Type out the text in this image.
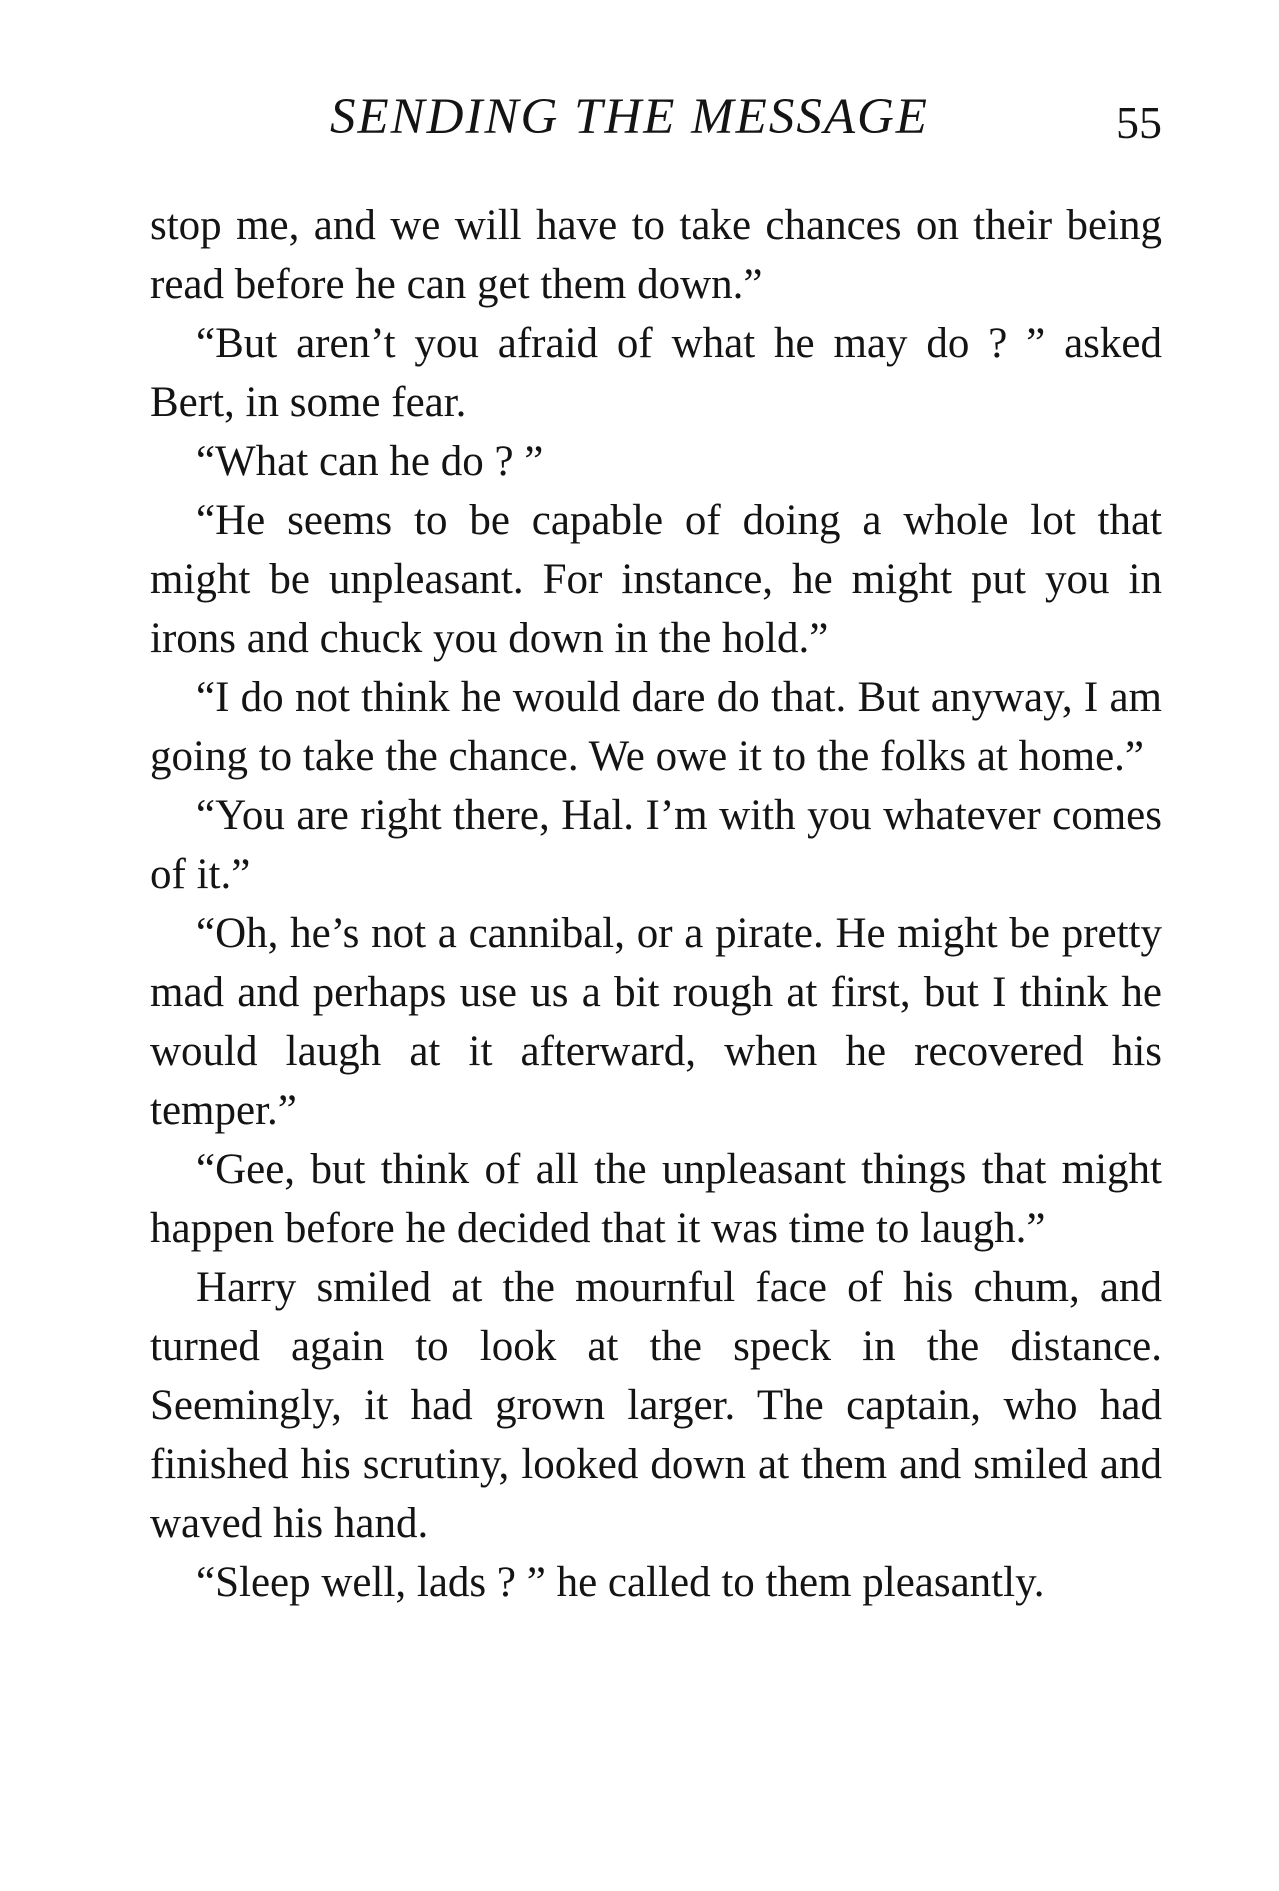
SENDING THE MESSAGE	55

stop me, and we will have to take chances on their being read before he can get them down.”

“But aren’t you afraid of what he may do ? ” asked Bert, in some fear.

“What can he do ? ”

“He seems to be capable of doing a whole lot that might be unpleasant. For instance, he might put you in irons and chuck you down in the hold.”

“I do not think he would dare do that. But anyway, I am going to take the chance. We owe it to the folks at home.”

“You are right there, Hal. I’m with you whatever comes of it.”

“Oh, he’s not a cannibal, or a pirate. He might be pretty mad and perhaps use us a bit rough at first, but I think he would laugh at it afterward, when he recovered his temper.”

“Gee, but think of all the unpleasant things that might happen before he decided that it was time to laugh.”

Harry smiled at the mournful face of his chum, and turned again to look at the speck in the distance. Seemingly, it had grown larger. The captain, who had finished his scrutiny, looked down at them and smiled and waved his hand.

“Sleep well, lads ? ” he called to them pleasantly.
